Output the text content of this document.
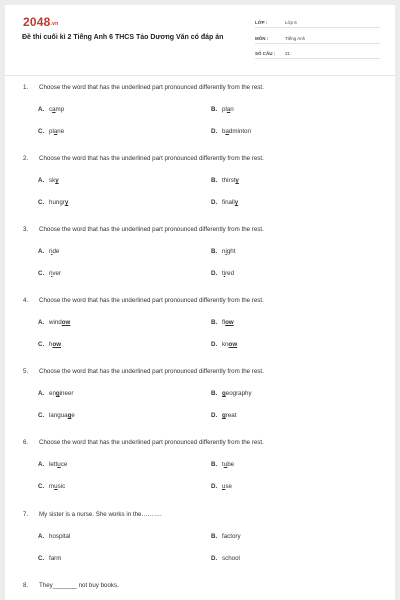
2048.vn
Đề thi cuối kì 2 Tiếng Anh 6 THCS Tảo Dương Văn có đáp án
LỚP :	Lớp 6
MÔN :	Tiếng Anh
SỐ CÂU : 31
1. Choose the word that has the underlined part pronounced differently from the rest.
A. camp	B. plan
C. plane	D. badminton
2. Choose the word that has the underlined part pronounced differently from the rest.
A. sky	B. thirsty
C. hungry	D. finally
3. Choose the word that has the underlined part pronounced differently from the rest.
A. ride	B. night
C. river	D. tired
4. Choose the word that has the underlined part pronounced differently from the rest.
A. window	B. flow
C. how	D. know
5. Choose the word that has the underlined part pronounced differently from the rest.
A. engineer	B. geography
C. language	D. great
6. Choose the word that has the underlined part pronounced differently from the rest.
A. lettuce	B. tube
C. music	D. use
7. My sister is a nurse. She works in the……….
A. hospital	B. factory
C. farm	D. school
8. They_______ not buy books.
